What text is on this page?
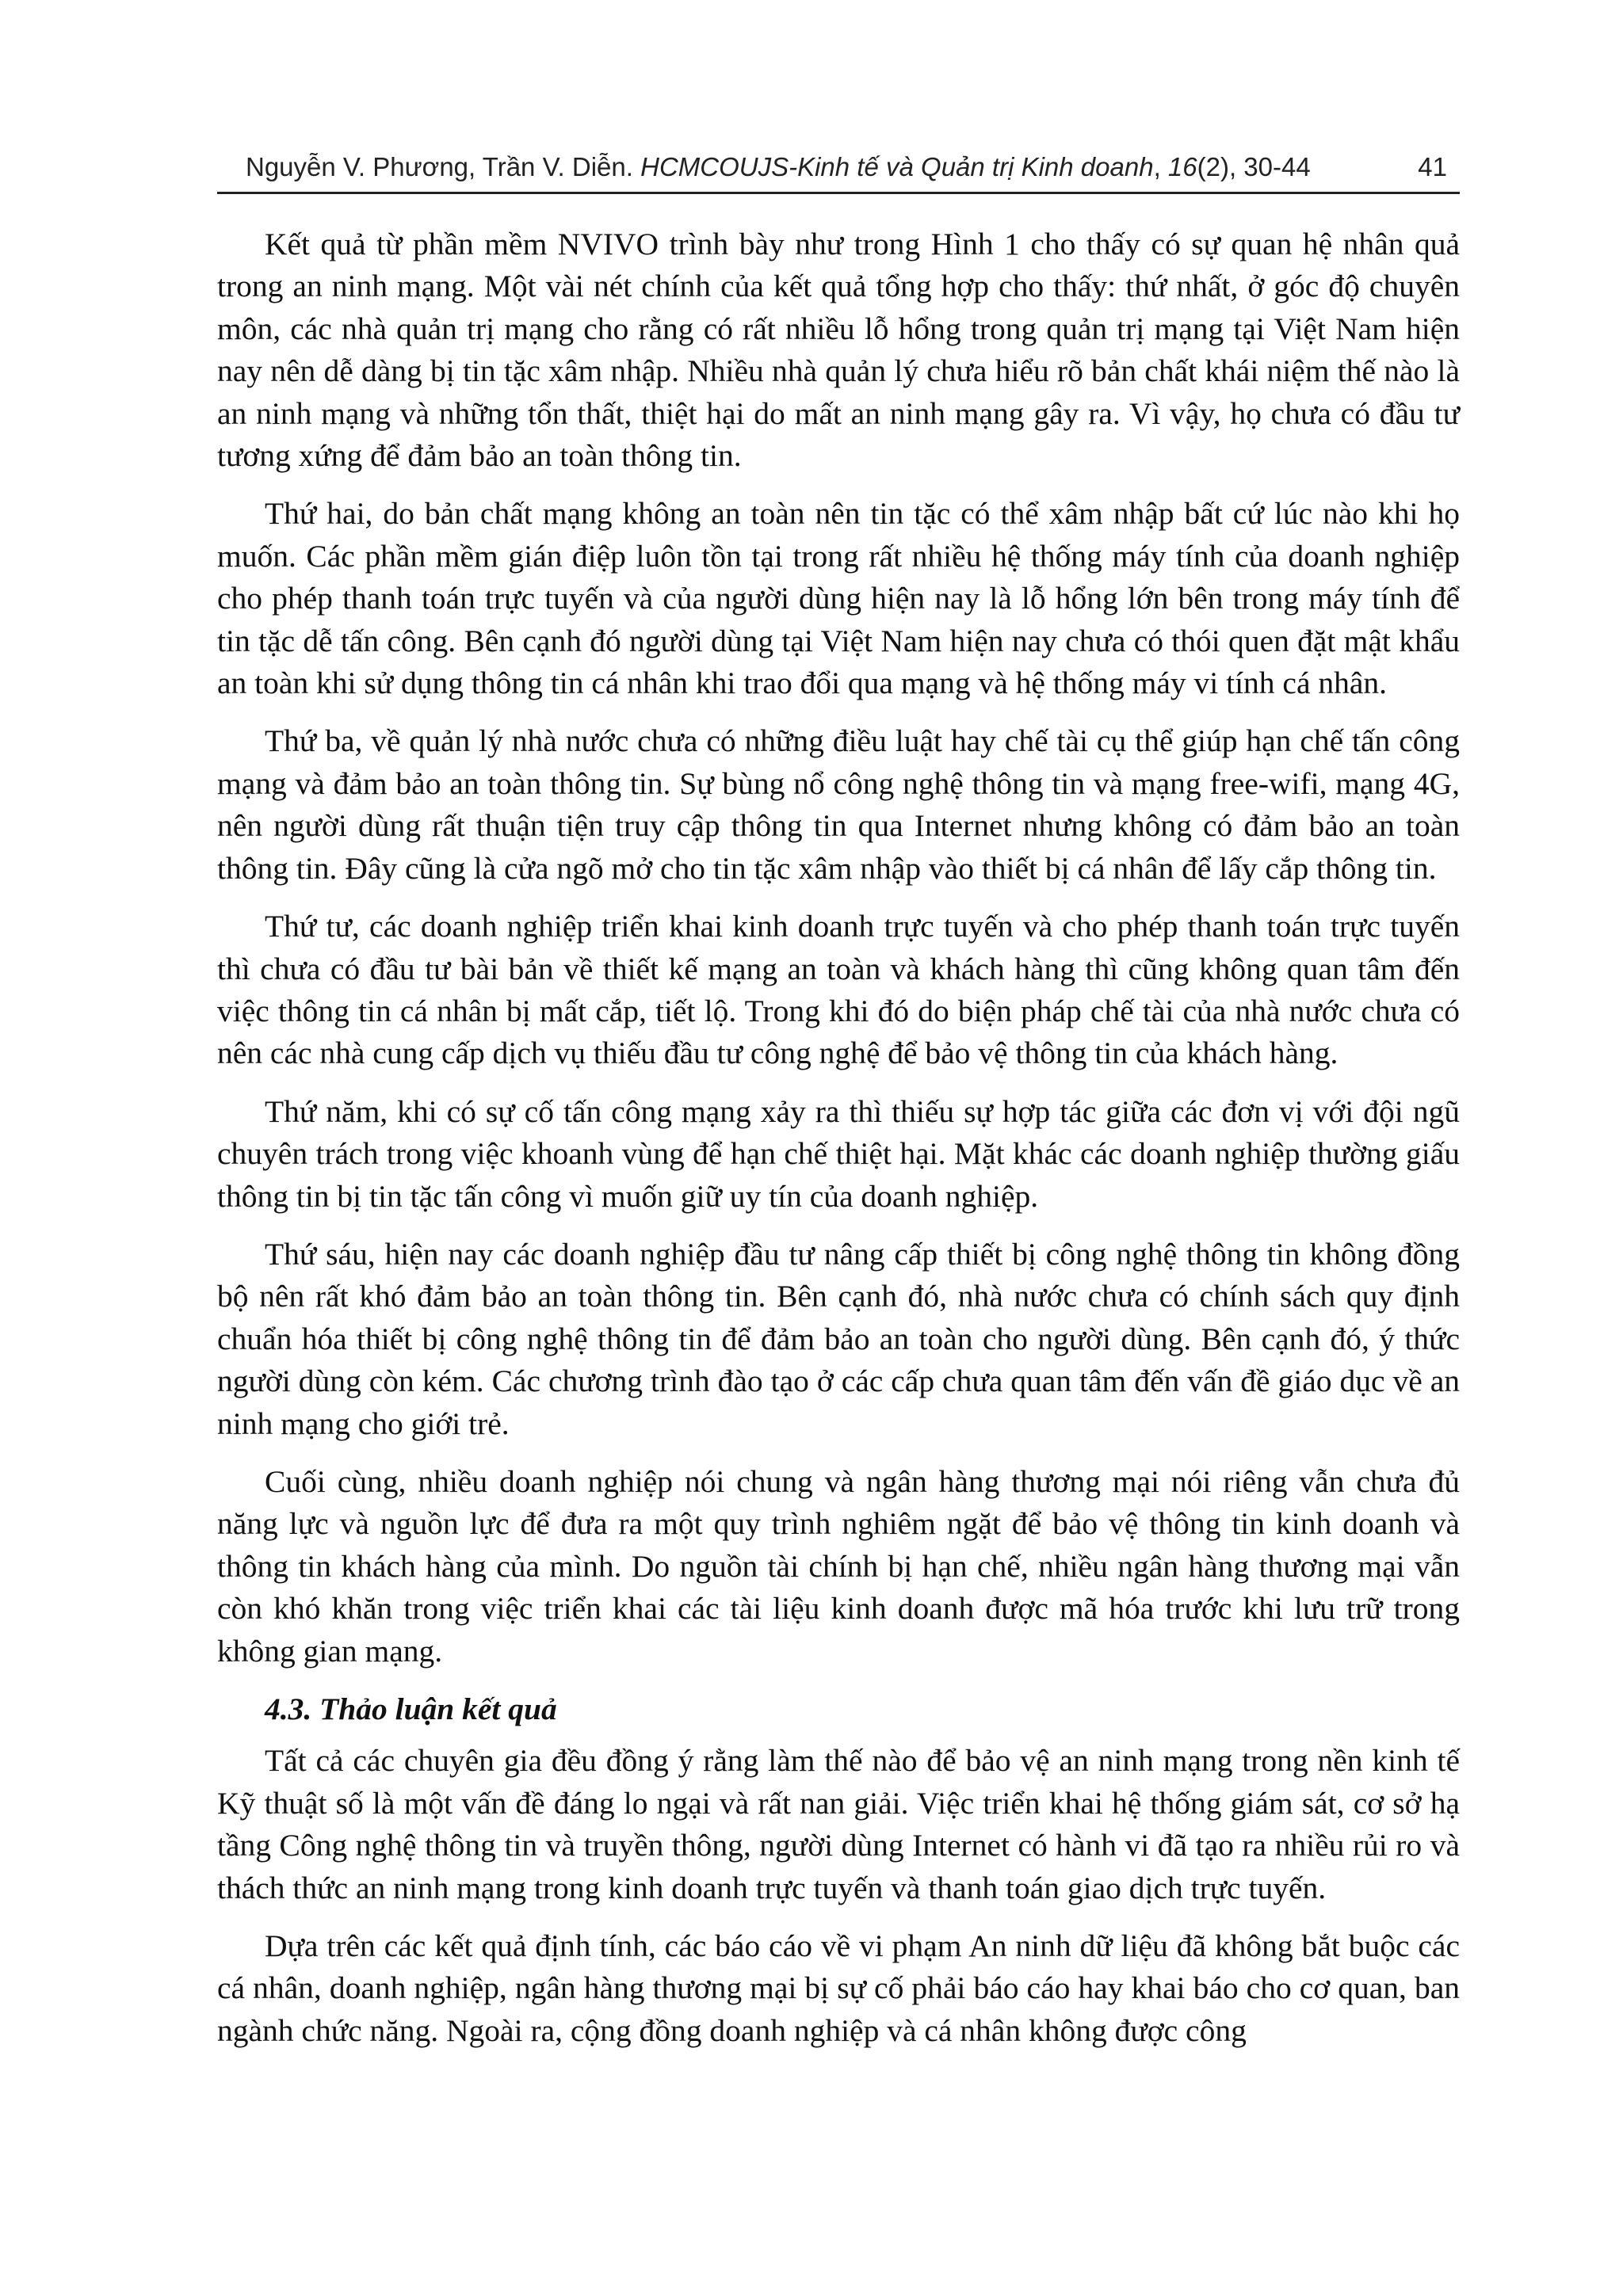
Nguyễn V. Phương, Trần V. Diễn. HCMCOUJS-Kinh tế và Quản trị Kinh doanh, 16(2), 30-44	41

Kết quả từ phần mềm NVIVO trình bày như trong Hình 1 cho thấy có sự quan hệ nhân quả trong an ninh mạng. Một vài nét chính của kết quả tổng hợp cho thấy: thứ nhất, ở góc độ chuyên môn, các nhà quản trị mạng cho rằng có rất nhiều lỗ hổng trong quản trị mạng tại Việt Nam hiện nay nên dễ dàng bị tin tặc xâm nhập. Nhiều nhà quản lý chưa hiểu rõ bản chất khái niệm thế nào là an ninh mạng và những tổn thất, thiệt hại do mất an ninh mạng gây ra. Vì vậy, họ chưa có đầu tư tương xứng để đảm bảo an toàn thông tin.

Thứ hai, do bản chất mạng không an toàn nên tin tặc có thể xâm nhập bất cứ lúc nào khi họ muốn. Các phần mềm gián điệp luôn tồn tại trong rất nhiều hệ thống máy tính của doanh nghiệp cho phép thanh toán trực tuyến và của người dùng hiện nay là lỗ hổng lớn bên trong máy tính để tin tặc dễ tấn công. Bên cạnh đó người dùng tại Việt Nam hiện nay chưa có thói quen đặt mật khẩu an toàn khi sử dụng thông tin cá nhân khi trao đổi qua mạng và hệ thống máy vi tính cá nhân.

Thứ ba, về quản lý nhà nước chưa có những điều luật hay chế tài cụ thể giúp hạn chế tấn công mạng và đảm bảo an toàn thông tin. Sự bùng nổ công nghệ thông tin và mạng free-wifi, mạng 4G, nên người dùng rất thuận tiện truy cập thông tin qua Internet nhưng không có đảm bảo an toàn thông tin. Đây cũng là cửa ngõ mở cho tin tặc xâm nhập vào thiết bị cá nhân để lấy cắp thông tin.

Thứ tư, các doanh nghiệp triển khai kinh doanh trực tuyến và cho phép thanh toán trực tuyến thì chưa có đầu tư bài bản về thiết kế mạng an toàn và khách hàng thì cũng không quan tâm đến việc thông tin cá nhân bị mất cắp, tiết lộ. Trong khi đó do biện pháp chế tài của nhà nước chưa có nên các nhà cung cấp dịch vụ thiếu đầu tư công nghệ để bảo vệ thông tin của khách hàng.

Thứ năm, khi có sự cố tấn công mạng xảy ra thì thiếu sự hợp tác giữa các đơn vị với đội ngũ chuyên trách trong việc khoanh vùng để hạn chế thiệt hại. Mặt khác các doanh nghiệp thường giấu thông tin bị tin tặc tấn công vì muốn giữ uy tín của doanh nghiệp.

Thứ sáu, hiện nay các doanh nghiệp đầu tư nâng cấp thiết bị công nghệ thông tin không đồng bộ nên rất khó đảm bảo an toàn thông tin. Bên cạnh đó, nhà nước chưa có chính sách quy định chuẩn hóa thiết bị công nghệ thông tin để đảm bảo an toàn cho người dùng. Bên cạnh đó, ý thức người dùng còn kém. Các chương trình đào tạo ở các cấp chưa quan tâm đến vấn đề giáo dục về an ninh mạng cho giới trẻ.

Cuối cùng, nhiều doanh nghiệp nói chung và ngân hàng thương mại nói riêng vẫn chưa đủ năng lực và nguồn lực để đưa ra một quy trình nghiêm ngặt để bảo vệ thông tin kinh doanh và thông tin khách hàng của mình. Do nguồn tài chính bị hạn chế, nhiều ngân hàng thương mại vẫn còn khó khăn trong việc triển khai các tài liệu kinh doanh được mã hóa trước khi lưu trữ trong không gian mạng.

4.3. Thảo luận kết quả

Tất cả các chuyên gia đều đồng ý rằng làm thế nào để bảo vệ an ninh mạng trong nền kinh tế Kỹ thuật số là một vấn đề đáng lo ngại và rất nan giải. Việc triển khai hệ thống giám sát, cơ sở hạ tầng Công nghệ thông tin và truyền thông, người dùng Internet có hành vi đã tạo ra nhiều rủi ro và thách thức an ninh mạng trong kinh doanh trực tuyến và thanh toán giao dịch trực tuyến.

Dựa trên các kết quả định tính, các báo cáo về vi phạm An ninh dữ liệu đã không bắt buộc các cá nhân, doanh nghiệp, ngân hàng thương mại bị sự cố phải báo cáo hay khai báo cho cơ quan, ban ngành chức năng. Ngoài ra, cộng đồng doanh nghiệp và cá nhân không được công
